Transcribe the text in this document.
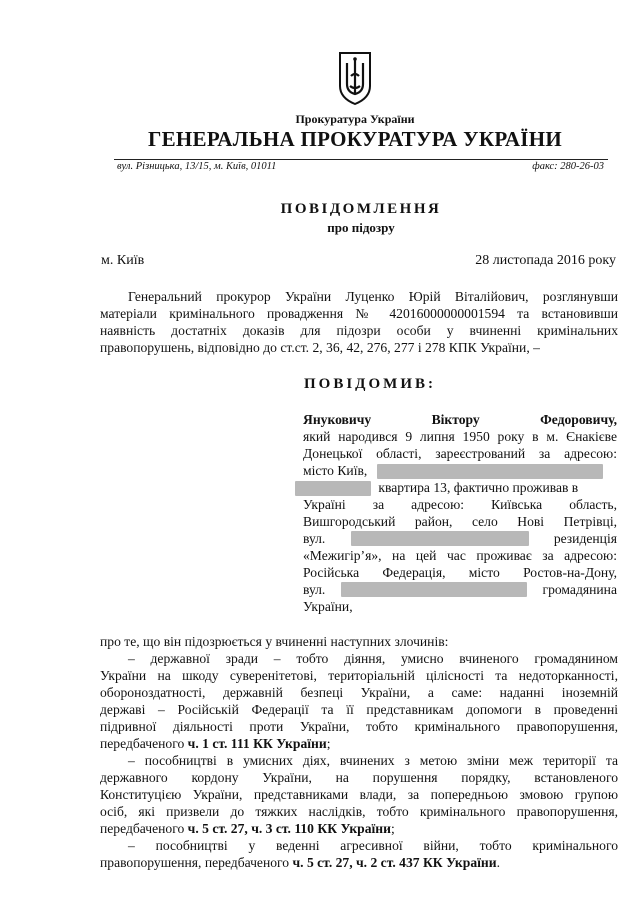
Прокуратура України
ГЕНЕРАЛЬНА ПРОКУРАТУРА УКРАЇНИ
вул. Різницька, 13/15, м. Київ, 01011	факс: 280-26-03
ПОВІДОМЛЕННЯ
про підозру
м. Київ	28 листопада 2016 року
Генеральний прокурор України Луценко Юрій Віталійович, розглянувши
матеріали кримінального провадження № 42016000000001594 та встановивши
наявність достатніх доказів для підозри особи у вчиненні кримінальних
правопорушень, відповідно до ст.ст. 2, 36, 42, 276, 277 і 278 КПК України, –
ПОВІДОМИВ:
Януковичу	Віктору	Федоровичу,
який народився 9 липня 1950 року в м. Єнакієве
Донецької області, зареєстрований за адресою:
місто Київ,
квартира 13, фактично проживав в
Україні за адресою: Київська область,
Вишгородський район, село Нові Петрівці,
вул.	резиденція
«Межигір’я», на цей час проживає за адресою:
Російська Федерація, місто Ростов-на-Дону,
вул.	громадянина
України,
про те, що він підозрюється у вчиненні наступних злочинів:
– державної зради – тобто діяння, умисно вчиненого громадянином
України на шкоду суверенітетові, територіальній цілісності та недоторканності,
обороноздатності, державній безпеці України, а саме: наданні іноземній
державі – Російській Федерації та її представникам допомоги в проведенні
підривної діяльності проти України, тобто кримінального правопорушення,
передбаченого ч. 1 ст. 111 КК України;
– пособництві в умисних діях, вчинених з метою зміни меж території та
державного кордону України, на порушення порядку, встановленого
Конституцією України, представниками влади, за попередньою змовою групою
осіб, які призвели до тяжких наслідків, тобто кримінального правопорушення,
передбаченого ч. 5 ст. 27, ч. 3 ст. 110 КК України;
– пособництві у веденні агресивної війни, тобто кримінального
правопорушення, передбаченого ч. 5 ст. 27, ч. 2 ст. 437 КК України.
